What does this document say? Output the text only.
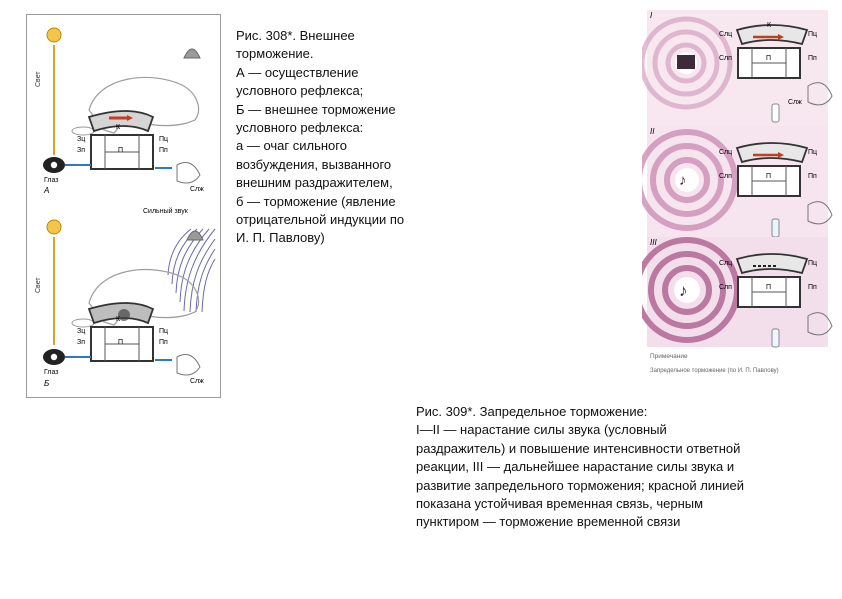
Свет
К
Зц
Зп	П
Пц
Пп
Глаз
А	Слж
Сильный звук
Свет
К
Зц
Зп	П
Пц
Пп
Глаз
Б	Слж
Рис. 308*. Внешнее
торможение.
А — осуществление
условного рефлекса;
Б — внешнее торможение
условного рефлекса:
а — очаг сильного
возбуждения, вызванного
внешним раздражителем,
б — торможение (явление
отрицательной индукции по
И. П. Павлову)
I
К
Слц
Слп	П
Пц
Пп
Слж
♪
II
Слц
Слп
Пц
Пп
П
♪
III
Слц
Слп
Пц
Пп
П
Примечание
Запредельное торможение (по И. П. Павлову)
Рис. 309*. Запредельное торможение:
I—II — нарастание силы звука (условный
раздражитель) и повышение интенсивности ответной
реакции, III — дальнейшее нарастание силы звука и
развитие запредельного торможения; красной линией
показана устойчивая временная связь, черным
пунктиром — торможение временной связи
